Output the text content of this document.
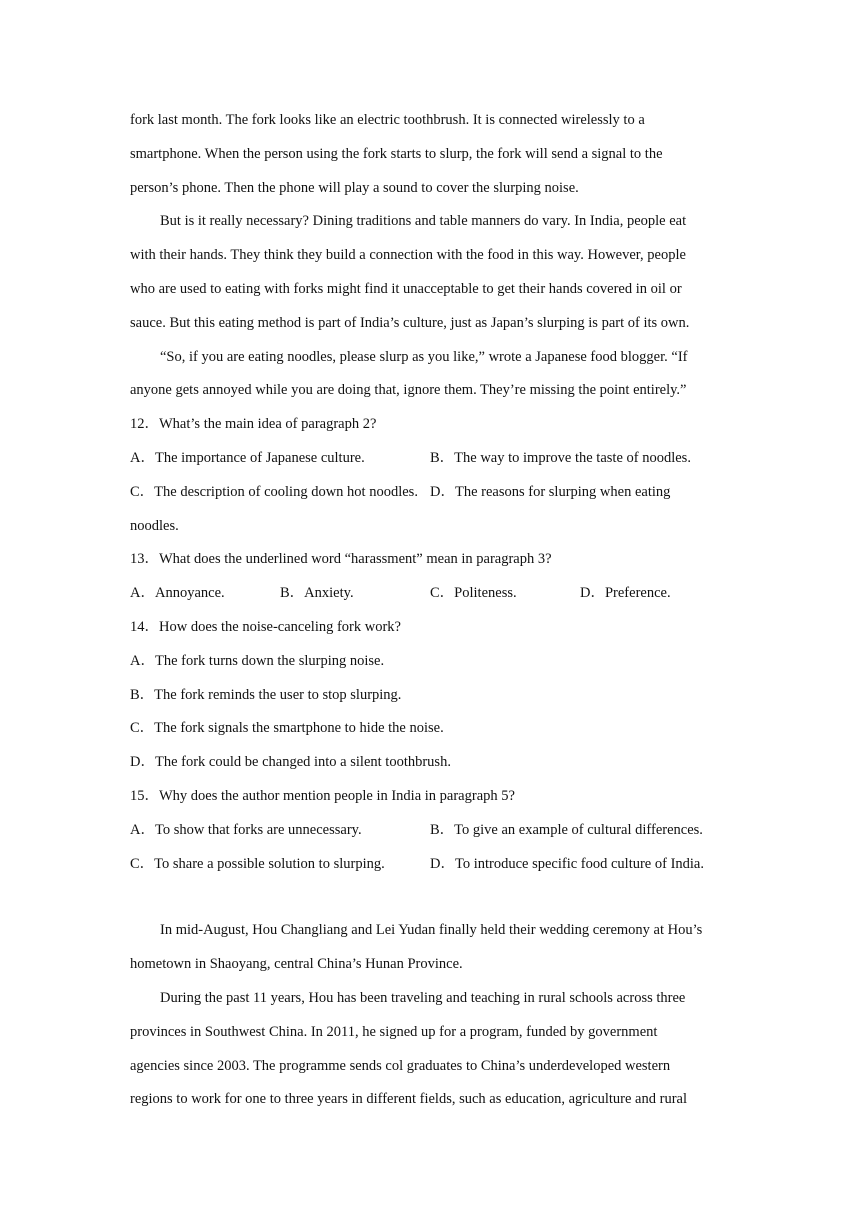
fork last month. The fork looks like an electric toothbrush. It is connected wirelessly to a
smartphone. When the person using the fork starts to slurp, the fork will send a signal to the
person’s phone. Then the phone will play a sound to cover the slurping noise.
But is it really necessary? Dining traditions and table manners do vary. In India, people eat
with their hands. They think they build a connection with the food in this way. However, people
who are used to eating with forks might find it unacceptable to get their hands covered in oil or
sauce. But this eating method is part of India’s culture, just as Japan’s slurping is part of its own.
“So, if you are eating noodles, please slurp as you like,” wrote a Japanese food blogger. “If
anyone gets annoyed while you are doing that, ignore them. They’re missing the point entirely.”
12．What’s the main idea of paragraph 2?
A．The importance of Japanese culture.	B．The way to improve the taste of noodles.
C．The description of cooling down hot noodles. D．The reasons for slurping when eating
noodles.
13．What does the underlined word “harassment” mean in paragraph 3?
A．Annoyance.	B．Anxiety.	C．Politeness.	D．Preference.
14．How does the noise-canceling fork work?
A．The fork turns down the slurping noise.
B．The fork reminds the user to stop slurping.
C．The fork signals the smartphone to hide the noise.
D．The fork could be changed into a silent toothbrush.
15．Why does the author mention people in India in paragraph 5?
A．To show that forks are unnecessary.	B．To give an example of cultural differences.
C．To share a possible solution to slurping.	D．To introduce specific food culture of India.
In mid-August, Hou Changliang and Lei Yudan finally held their wedding ceremony at Hou’s
hometown in Shaoyang, central China’s Hunan Province.
During the past 11 years, Hou has been traveling and teaching in rural schools across three
provinces in Southwest China. In 2011, he signed up for a program, funded by government
agencies since 2003. The programme sends col graduates to China’s underdeveloped western
regions to work for one to three years in different fields, such as education, agriculture and rural
